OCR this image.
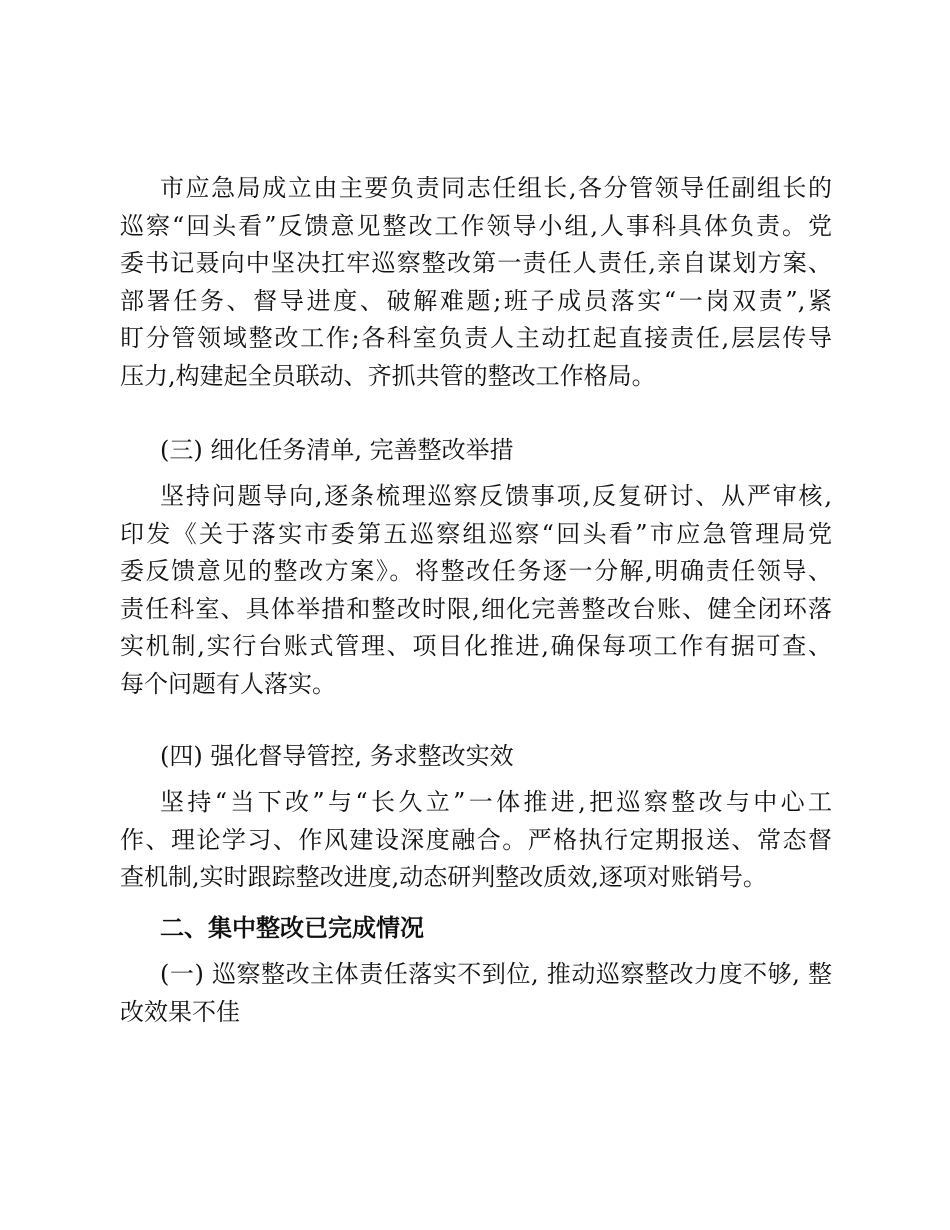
市应急局成立由主要负责同志任组长,各分管领导任副组长的
巡察“回头看”反馈意见整改工作领导小组,人事科具体负责。党
委书记聂向中坚决扛牢巡察整改第一责任人责任,亲自谋划方案、
部署任务、督导进度、破解难题;班子成员落实“一岗双责”,紧
盯分管领域整改工作;各科室负责人主动扛起直接责任,层层传导
压力,构建起全员联动、齐抓共管的整改工作格局。
(三) 细化任务清单, 完善整改举措
坚持问题导向,逐条梳理巡察反馈事项,反复研讨、从严审核,
印发《关于落实市委第五巡察组巡察“回头看”市应急管理局党
委反馈意见的整改方案》。将整改任务逐一分解,明确责任领导、
责任科室、具体举措和整改时限,细化完善整改台账、健全闭环落
实机制,实行台账式管理、项目化推进,确保每项工作有据可查、
每个问题有人落实。
(四) 强化督导管控, 务求整改实效
坚持“当下改”与“长久立”一体推进,把巡察整改与中心工
作、理论学习、作风建设深度融合。严格执行定期报送、常态督
查机制,实时跟踪整改进度,动态研判整改质效,逐项对账销号。
二、集中整改已完成情况
(一) 巡察整改主体责任落实不到位, 推动巡察整改力度不够, 整
改效果不佳
